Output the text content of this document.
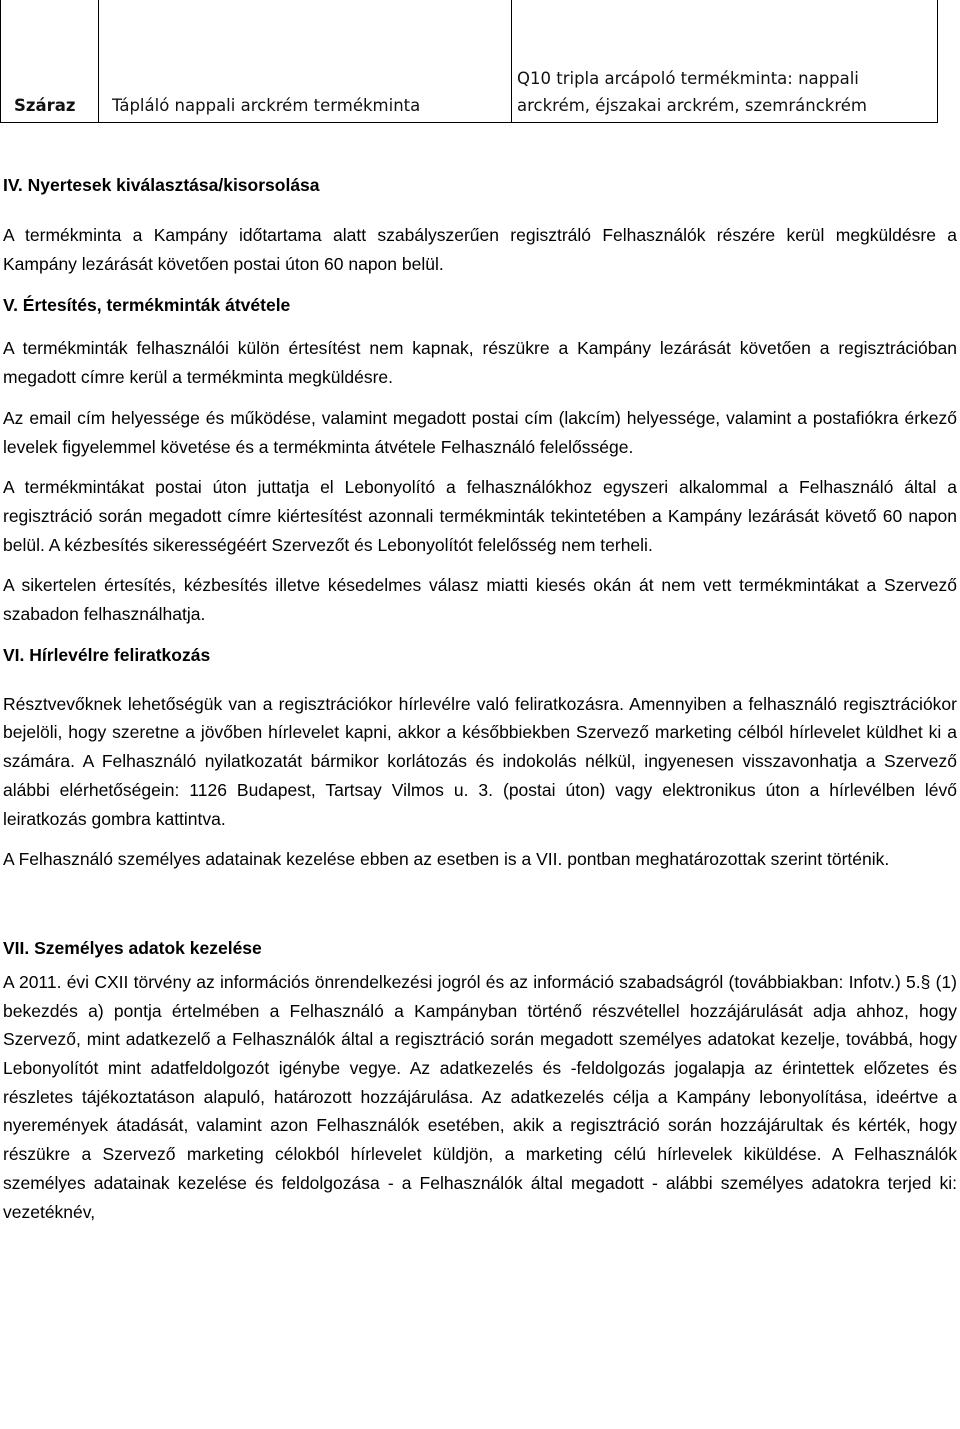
Száraz Tápláló nappali arckrém termékminta
Q10 tripla arcápoló termékminta: nappali arckrém, éjszakai arckrém, szemránckrém
IV. Nyertesek kiválasztása/kisorsolása
A termékminta a Kampány időtartama alatt szabályszerűen regisztráló Felhasználók részére kerül megküldésre a Kampány lezárását követően postai úton 60 napon belül.
V. Értesítés, termékminták átvétele
A termékminták felhasználói külön értesítést nem kapnak, részükre a Kampány lezárását követően a regisztrációban megadott címre kerül a termékminta megküldésre.
Az email cím helyessége és működése, valamint megadott postai cím (lakcím) helyessége, valamint a postafiókra érkező levelek figyelemmel követése és a termékminta átvétele Felhasználó felelőssége.
A termékmintákat postai úton juttatja el Lebonyolító a felhasználókhoz egyszeri alkalommal a Felhasználó által a regisztráció során megadott címre kiértesítést azonnali termékminták tekintetében a Kampány lezárását követő 60 napon belül. A kézbesítés sikerességéért Szervezőt és Lebonyolítót felelősség nem terheli.
A sikertelen értesítés, kézbesítés illetve késedelmes válasz miatti kiesés okán át nem vett termékmintákat a Szervező szabadon felhasználhatja.
VI. Hírlevélre feliratkozás
Résztvevőknek lehetőségük van a regisztrációkor hírlevélre való feliratkozásra. Amennyiben a felhasználó regisztrációkor bejelöli, hogy szeretne a jövőben hírlevelet kapni, akkor a későbbiekben Szervező marketing célból hírlevelet küldhet ki a számára. A Felhasználó nyilatkozatát bármikor korlátozás és indokolás nélkül, ingyenesen visszavonhatja a Szervező alábbi elérhetőségein: 1126 Budapest, Tartsay Vilmos u. 3. (postai úton) vagy elektronikus úton a hírlevélben lévő leiratkozás gombra kattintva.
A Felhasználó személyes adatainak kezelése ebben az esetben is a VII. pontban meghatározottak szerint történik.
VII. Személyes adatok kezelése
A 2011. évi CXII törvény az információs önrendelkezési jogról és az információ szabadságról (továbbiakban: Infotv.) 5.§ (1) bekezdés a) pontja értelmében a Felhasználó a Kampányban történő részvétellel hozzájárulását adja ahhoz, hogy Szervező, mint adatkezelő a Felhasználók által a regisztráció során megadott személyes adatokat kezelje, továbbá, hogy Lebonyolítót mint adatfeldolgozót igénybe vegye. Az adatkezelés és -feldolgozás jogalapja az érintettek előzetes és részletes tájékoztatáson alapuló, határozott hozzájárulása. Az adatkezelés célja a Kampány lebonyolítása, ideértve a nyeremények átadását, valamint azon Felhasználók esetében, akik a regisztráció során hozzájárultak és kérték, hogy részükre a Szervező marketing célokból hírlevelet küldjön, a marketing célú hírlevelek kiküldése. A Felhasználók személyes adatainak kezelése és feldolgozása - a Felhasználók által megadott - alábbi személyes adatokra terjed ki: vezetéknév,
